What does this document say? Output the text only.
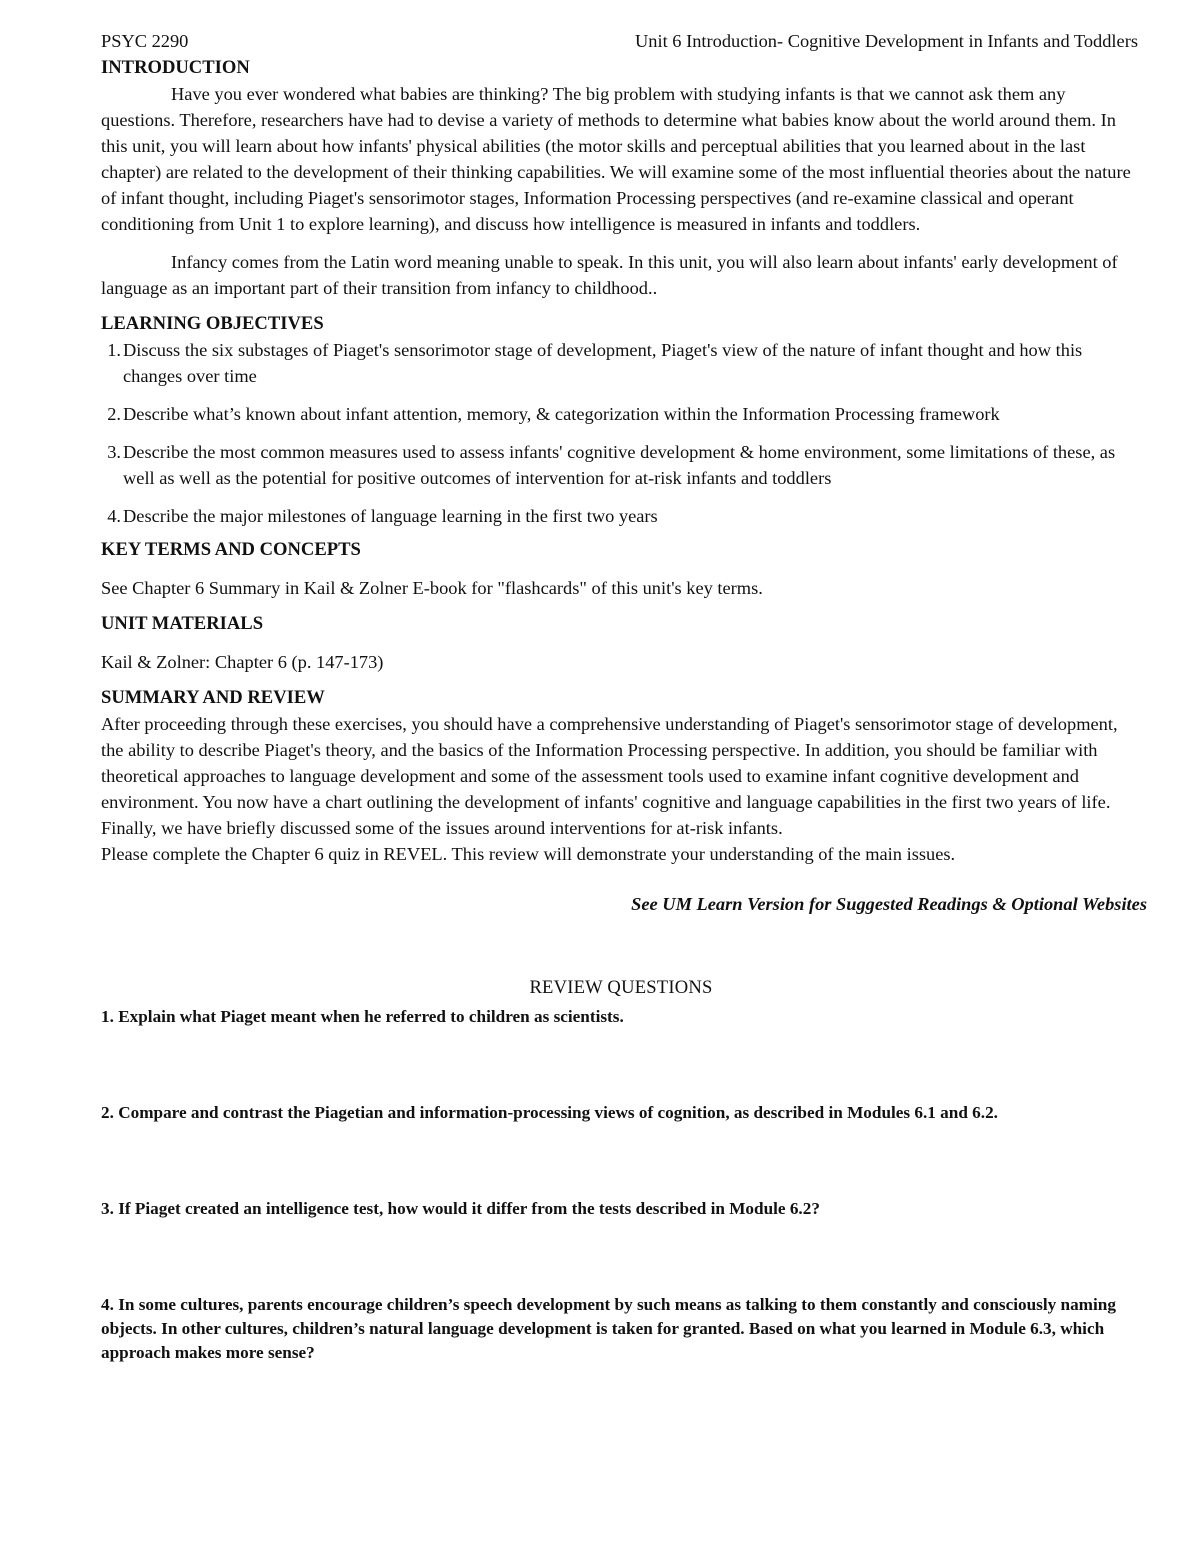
PSYC 2290	Unit 6 Introduction- Cognitive Development in Infants and Toddlers
INTRODUCTION

Have you ever wondered what babies are thinking? The big problem with studying infants is that we cannot ask them any questions. Therefore, researchers have had to devise a variety of methods to determine what babies know about the world around them. In this unit, you will learn about how infants' physical abilities (the motor skills and perceptual abilities that you learned about in the last chapter) are related to the development of their thinking capabilities. We will examine some of the most influential theories about the nature of infant thought, including Piaget's sensorimotor stages, Information Processing perspectives (and re-examine classical and operant conditioning from Unit 1 to explore learning), and discuss how intelligence is measured in infants and toddlers.

Infancy comes from the Latin word meaning unable to speak. In this unit, you will also learn about infants' early development of language as an important part of their transition from infancy to childhood..

LEARNING OBJECTIVES
1. Discuss the six substages of Piaget's sensorimotor stage of development, Piaget's view of the nature of infant thought and how this changes over time
2. Describe what’s known about infant attention, memory, & categorization within the Information Processing framework
3. Describe the most common measures used to assess infants' cognitive development & home environment, some limitations of these, as well as well as the potential for positive outcomes of intervention for at-risk infants and toddlers
4. Describe the major milestones of language learning in the first two years
KEY TERMS AND CONCEPTS

See Chapter 6 Summary in Kail & Zolner E-book for "flashcards" of this unit's key terms.

UNIT MATERIALS

Kail & Zolner: Chapter 6 (p. 147-173)

SUMMARY AND REVIEW

After proceeding through these exercises, you should have a comprehensive understanding of Piaget's sensorimotor stage of development, the ability to describe Piaget's theory, and the basics of the Information Processing perspective. In addition, you should be familiar with theoretical approaches to language development and some of the assessment tools used to examine infant cognitive development and environment. You now have a chart outlining the development of infants' cognitive and language capabilities in the first two years of life. Finally, we have briefly discussed some of the issues around interventions for at-risk infants.

Please complete the Chapter 6 quiz in REVEL. This review will demonstrate your understanding of the main issues.

See UM Learn Version for Suggested Readings & Optional Websites

REVIEW QUESTIONS

1. Explain what Piaget meant when he referred to children as scientists.

2. Compare and contrast the Piagetian and information-processing views of cognition, as described in Modules 6.1 and 6.2.

3. If Piaget created an intelligence test, how would it differ from the tests described in Module 6.2?

4. In some cultures, parents encourage children’s speech development by such means as talking to them constantly and consciously naming objects. In other cultures, children’s natural language development is taken for granted. Based on what you learned in Module 6.3, which approach makes more sense?
